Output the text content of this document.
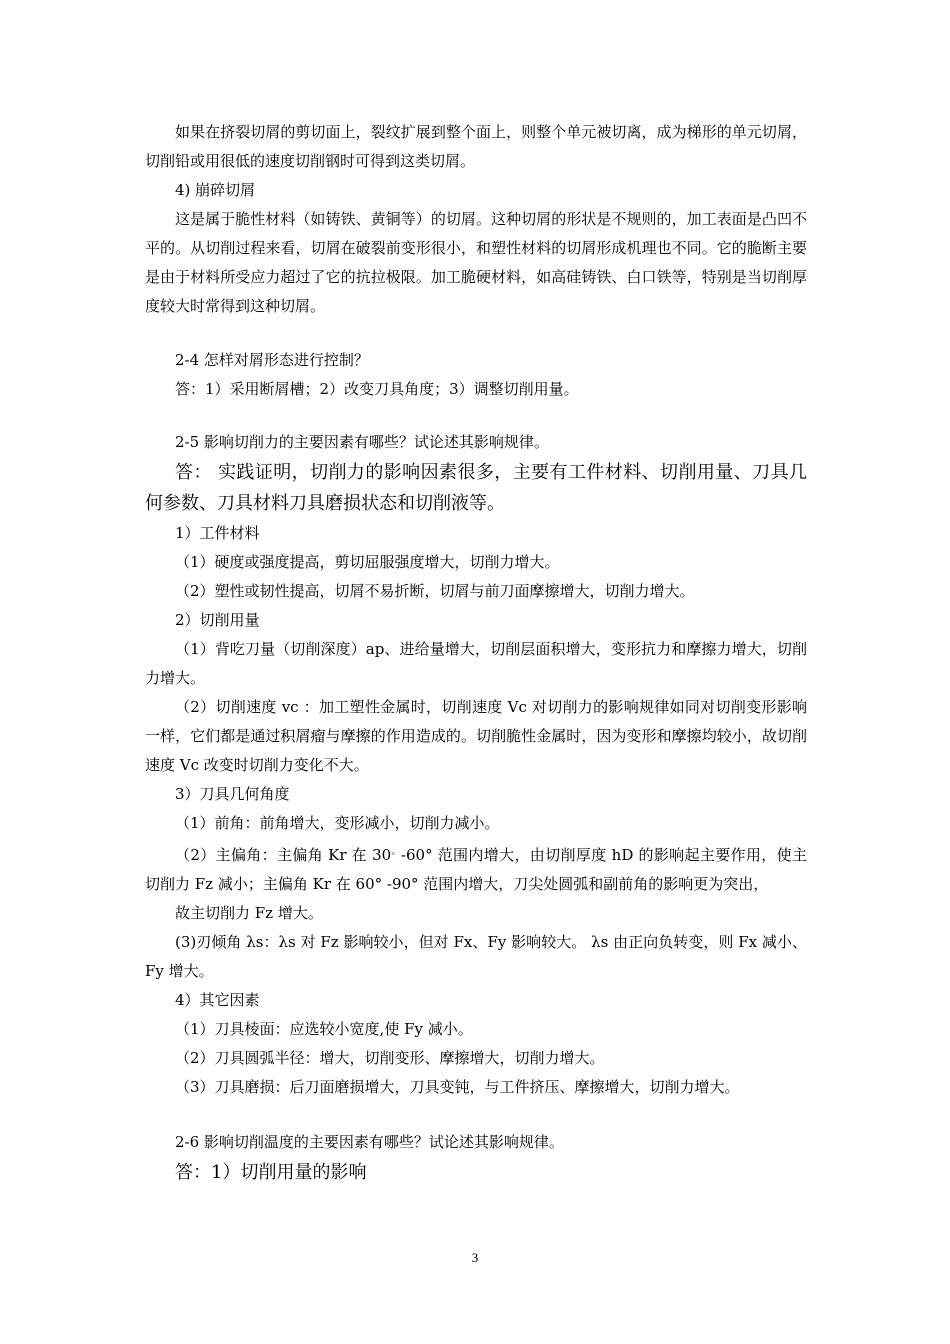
如果在挤裂切屑的剪切面上，裂纹扩展到整个面上，则整个单元被切离，成为梯形的单元切屑，切削铅或用很低的速度切削钢时可得到这类切屑。

4) 崩碎切屑

这是属于脆性材料（如铸铁、黄铜等）的切屑。这种切屑的形状是不规则的，加工表面是凸凹不平的。从切削过程来看，切屑在破裂前变形很小，和塑性材料的切屑形成机理也不同。它的脆断主要是由于材料所受应力超过了它的抗拉极限。加工脆硬材料，如高硅铸铁、白口铁等，特别是当切削厚度较大时常得到这种切屑。

2-4 怎样对屑形态进行控制？

答：1）采用断屑槽；2）改变刀具角度；3）调整切削用量。

2-5 影响切削力的主要因素有哪些？试论述其影响规律。

答： 实践证明，切削力的影响因素很多，主要有工件材料、切削用量、刀具几何参数、刀具材料刀具磨损状态和切削液等。

1）工件材料

（1）硬度或强度提高，剪切屈服强度增大，切削力增大。

（2）塑性或韧性提高，切屑不易折断，切屑与前刀面摩擦增大，切削力增大。

2）切削用量

（1）背吃刀量（切削深度）ap、进给量增大，切削层面积增大，变形抗力和摩擦力增大，切削力增大。

（2）切削速度 vc ：加工塑性金属时，切削速度 Vc 对切削力的影响规律如同对切削变形影响一样，它们都是通过积屑瘤与摩擦的作用造成的。切削脆性金属时，因为变形和摩擦均较小，故切削速度 Vc 改变时切削力变化不大。

3）刀具几何角度

（1）前角：前角增大，变形减小，切削力减小。

（2）主偏角：主偏角 Kr 在 30。-60° 范围内增大，由切削厚度 hD 的影响起主要作用，使主切削力 Fz 减小；主偏角 Kr 在 60° -90° 范围内增大，刀尖处圆弧和副前角的影响更为突出，

故主切削力 Fz 增大。

(3)刃倾角 λs：λs 对 Fz 影响较小，但对 Fx、Fy 影响较大。 λs 由正向负转变，则 Fx 减小、Fy 增大。

4）其它因素

（1）刀具棱面：应选较小宽度,使 Fy 减小。

（2）刀具圆弧半径：增大，切削变形、摩擦增大，切削力增大。

（3）刀具磨损：后刀面磨损增大，刀具变钝，与工件挤压、摩擦增大，切削力增大。

2-6 影响切削温度的主要因素有哪些？试论述其影响规律。

答：1）切削用量的影响

3
